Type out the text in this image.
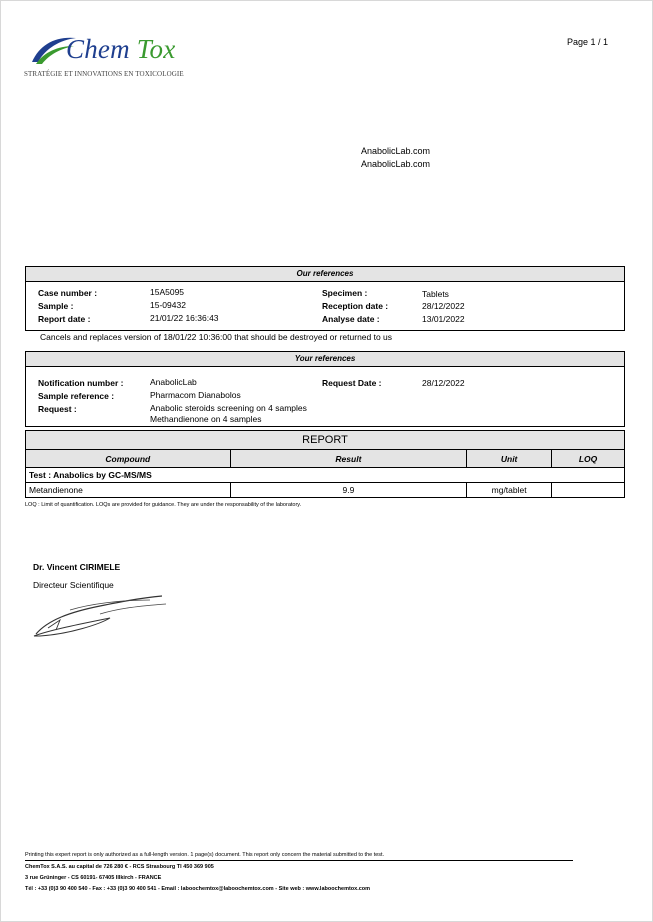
Chem Tox
STRATÉGIE ET INNOVATIONS EN TOXICOLOGIE
Page 1 / 1
AnabolicLab.com
AnabolicLab.com
Our references
Case number :	15A5095
Sample :	15-09432
Report date :	21/01/22 16:36:43
Specimen :	Tablets
Reception date :	28/12/2022
Analyse date :	13/01/2022
Cancels and replaces version of 18/01/22 10:36:00 that should be destroyed or returned to us
Your references
Notification number :	AnabolicLab
Sample reference :	Pharmacom Dianabolos
Request :	Anabolic steroids screening on 4 samples
Methandienone on 4 samples
Request Date :	28/12/2022
REPORT
Compound	Result	Unit	LOQ
Test : Anabolics by GC-MS/MS
Metandienone	9.9	mg/tablet	
LOQ : Limit of quantification. LOQs are provided for guidance. They are under the responsability of the laboratory.
Dr. Vincent CIRIMELE
Directeur Scientifique
Printing this expert report is only authorized as a full-length version. 1 page(s) document. This report only concern the material submitted to the test.
ChemTox S.A.S. au capital de 726 280 € - RCS Strasbourg TI 450 369 905
3 rue Grüninger - CS 60191- 67405 Illkirch - FRANCE
Tél : +33 (0)3 90 400 540 - Fax : +33 (0)3 90 400 541 - Email : laboochemtox@laboochemtox.com - Site web : www.laboochemtox.com
